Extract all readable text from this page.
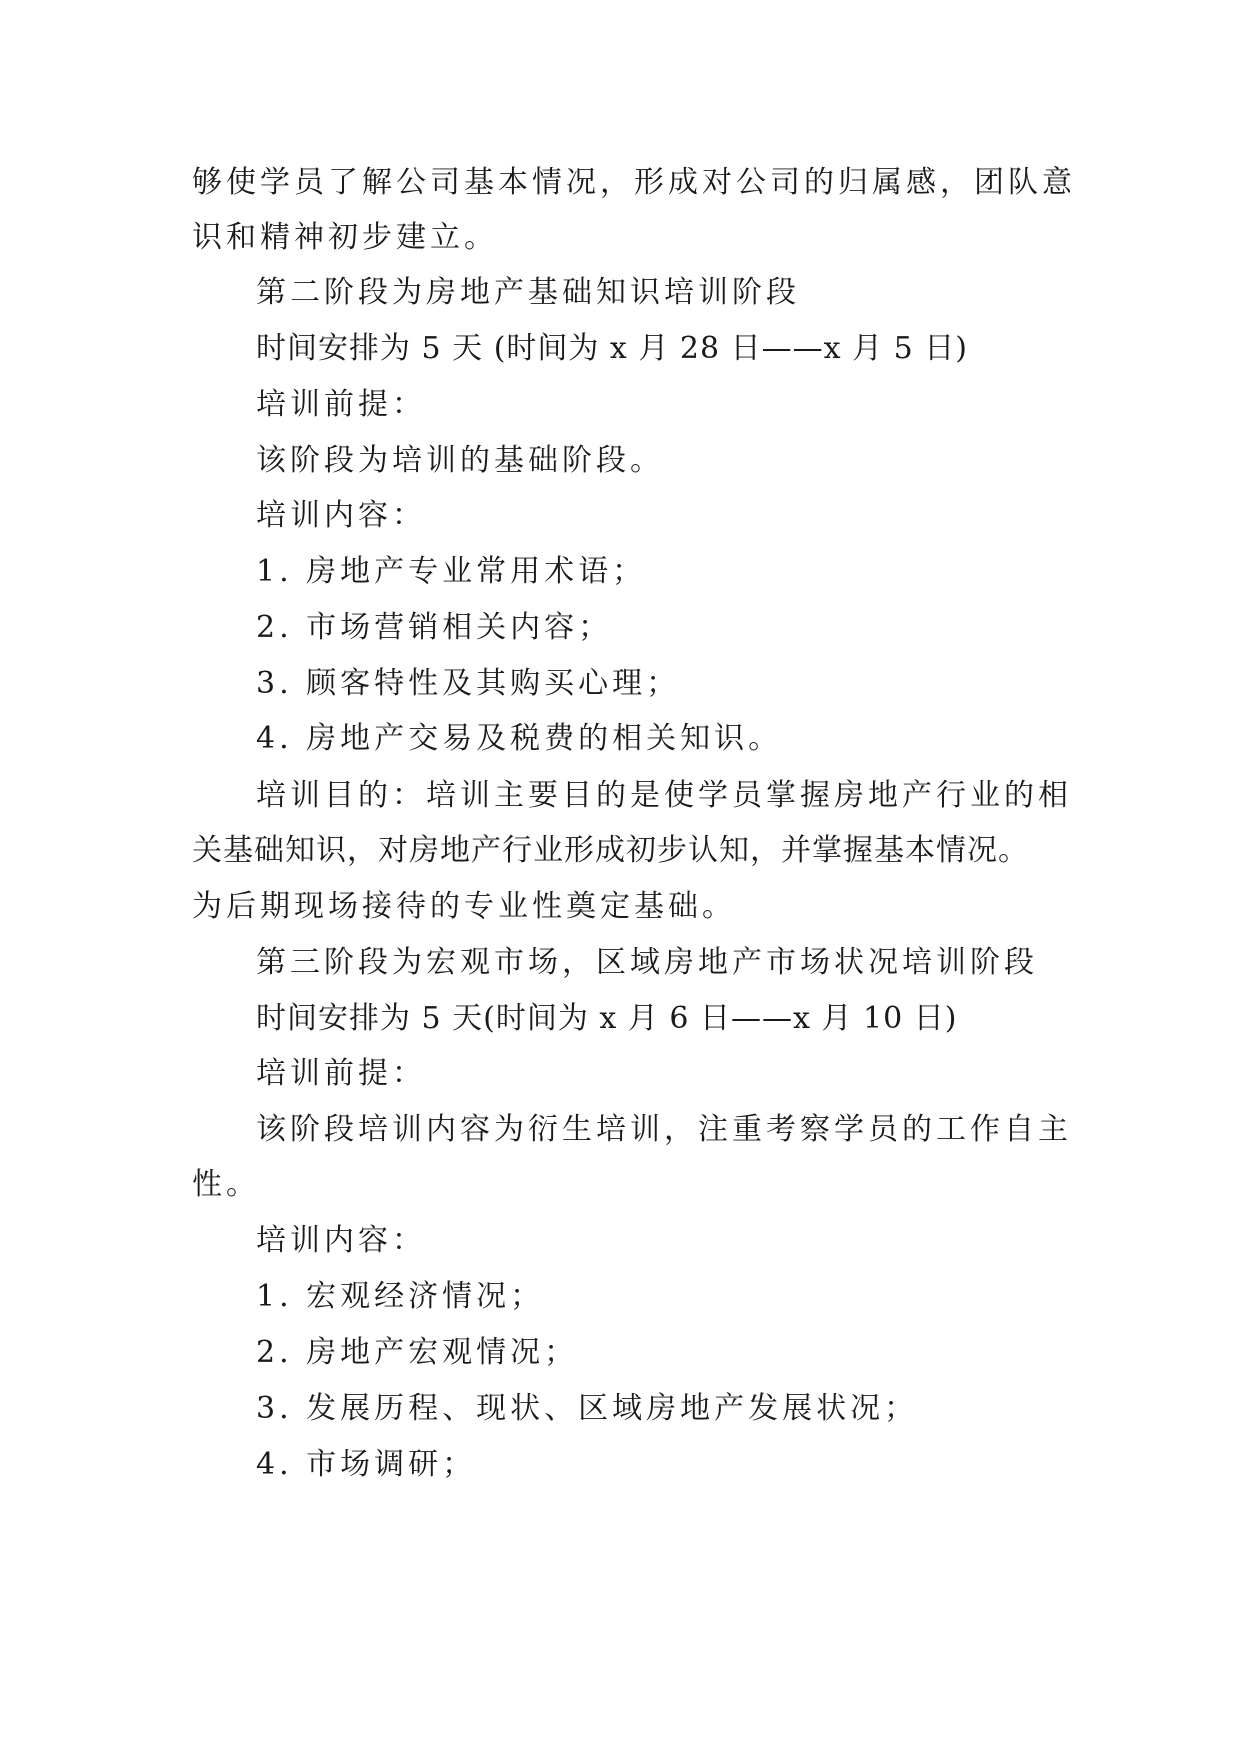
够使学员了解公司基本情况，形成对公司的归属感，团队意
识和精神初步建立。
第二阶段为房地产基础知识培训阶段
时间安排为 5 天 (时间为 x 月 28 日——x 月 5 日)
培训前提：
该阶段为培训的基础阶段。
培训内容：
1. 房地产专业常用术语；
2. 市场营销相关内容；
3. 顾客特性及其购买心理；
4. 房地产交易及税费的相关知识。
培训目的：培训主要目的是使学员掌握房地产行业的相
关基础知识，对房地产行业形成初步认知，并掌握基本情况。
为后期现场接待的专业性奠定基础。
第三阶段为宏观市场，区域房地产市场状况培训阶段
时间安排为 5 天(时间为 x 月 6 日——x 月 10 日)
培训前提：
该阶段培训内容为衍生培训，注重考察学员的工作自主
性。
培训内容：
1. 宏观经济情况；
2. 房地产宏观情况；
3. 发展历程、现状、区域房地产发展状况；
4. 市场调研；
